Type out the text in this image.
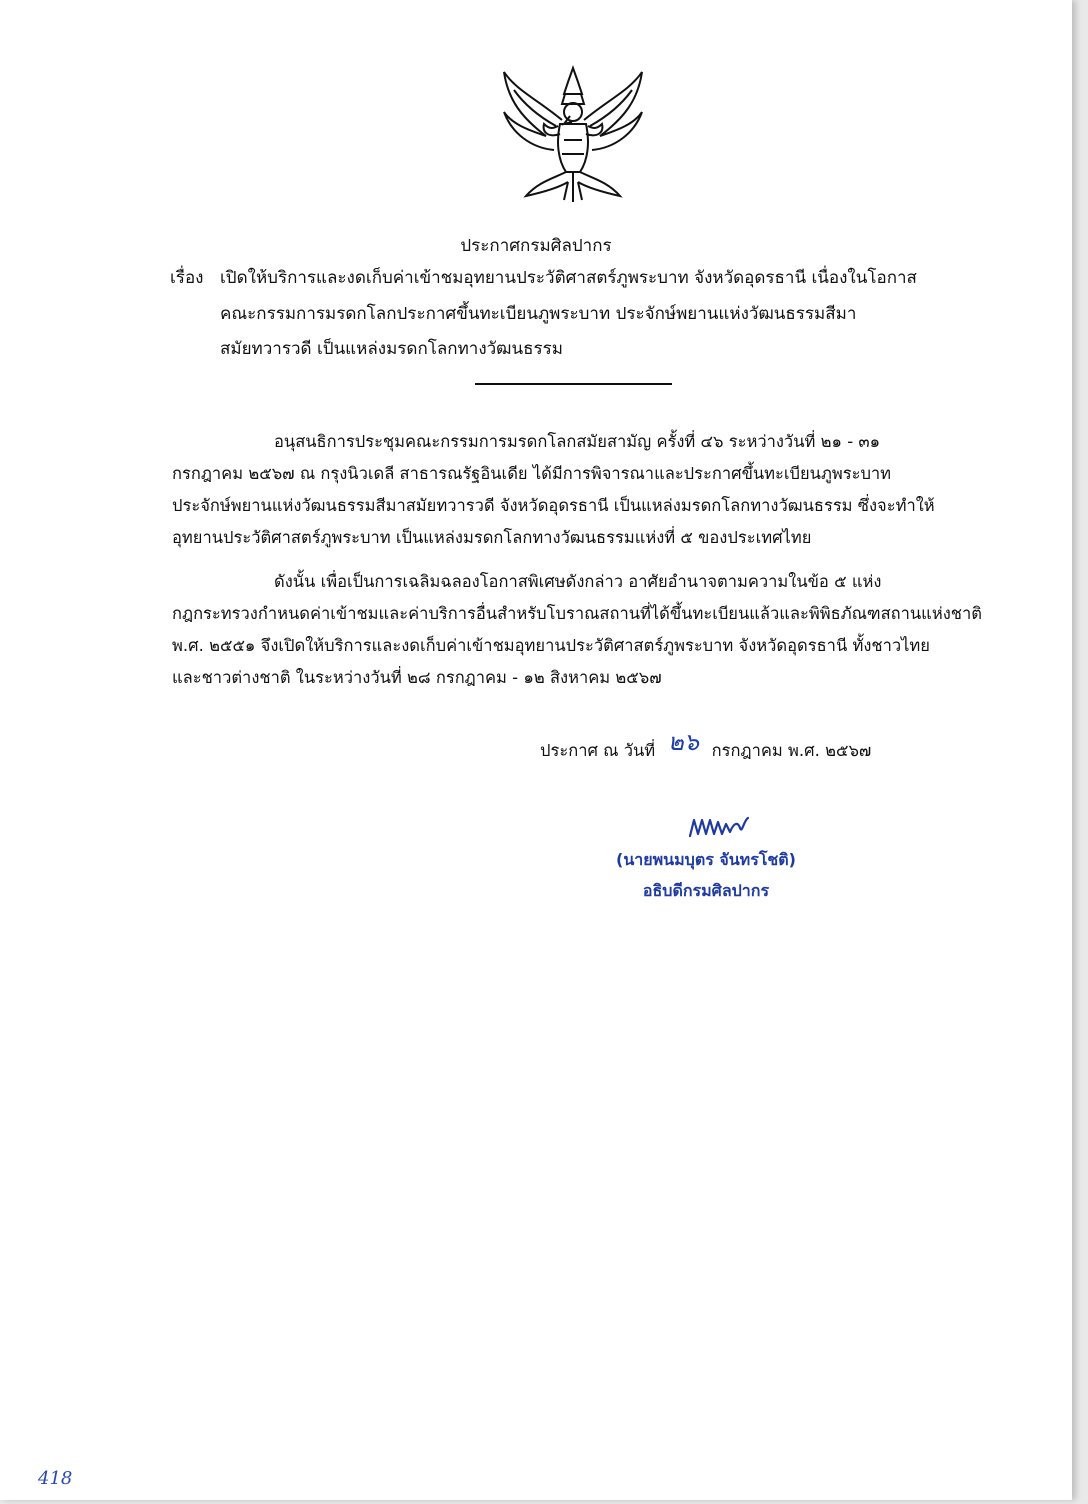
ประกาศกรมศิลปากร
เรื่อง เปิดให้บริการและงดเก็บค่าเข้าชมอุทยานประวัติศาสตร์ภูพระบาท จังหวัดอุดรธานี เนื่องในโอกาส
คณะกรรมการมรดกโลกประกาศขึ้นทะเบียนภูพระบาท ประจักษ์พยานแห่งวัฒนธรรมสีมา
สมัยทวารวดี เป็นแหล่งมรดกโลกทางวัฒนธรรม
อนุสนธิการประชุมคณะกรรมการมรดกโลกสมัยสามัญ ครั้งที่ ๔๖ ระหว่างวันที่ ๒๑ - ๓๑
กรกฎาคม ๒๕๖๗ ณ กรุงนิวเดลี สาธารณรัฐอินเดีย ได้มีการพิจารณาและประกาศขึ้นทะเบียนภูพระบาท
ประจักษ์พยานแห่งวัฒนธรรมสีมาสมัยทวารวดี จังหวัดอุดรธานี เป็นแหล่งมรดกโลกทางวัฒนธรรม ซึ่งจะทำให้
อุทยานประวัติศาสตร์ภูพระบาท เป็นแหล่งมรดกโลกทางวัฒนธรรมแห่งที่ ๕ ของประเทศไทย
ดังนั้น เพื่อเป็นการเฉลิมฉลองโอกาสพิเศษดังกล่าว อาศัยอำนาจตามความในข้อ ๕ แห่ง
กฎกระทรวงกำหนดค่าเข้าชมและค่าบริการอื่นสำหรับโบราณสถานที่ได้ขึ้นทะเบียนแล้วและพิพิธภัณฑสถานแห่งชาติ
พ.ศ. ๒๕๕๑ จึงเปิดให้บริการและงดเก็บค่าเข้าชมอุทยานประวัติศาสตร์ภูพระบาท จังหวัดอุดรธานี ทั้งชาวไทย
และชาวต่างชาติ ในระหว่างวันที่ ๒๘ กรกฎาคม - ๑๒ สิงหาคม ๒๕๖๗
ประกาศ ณ วันที่ ๒๖ กรกฎาคม พ.ศ. ๒๕๖๗
(นายพนมบุตร จันทรโชติ)
อธิบดีกรมศิลปากร
418
